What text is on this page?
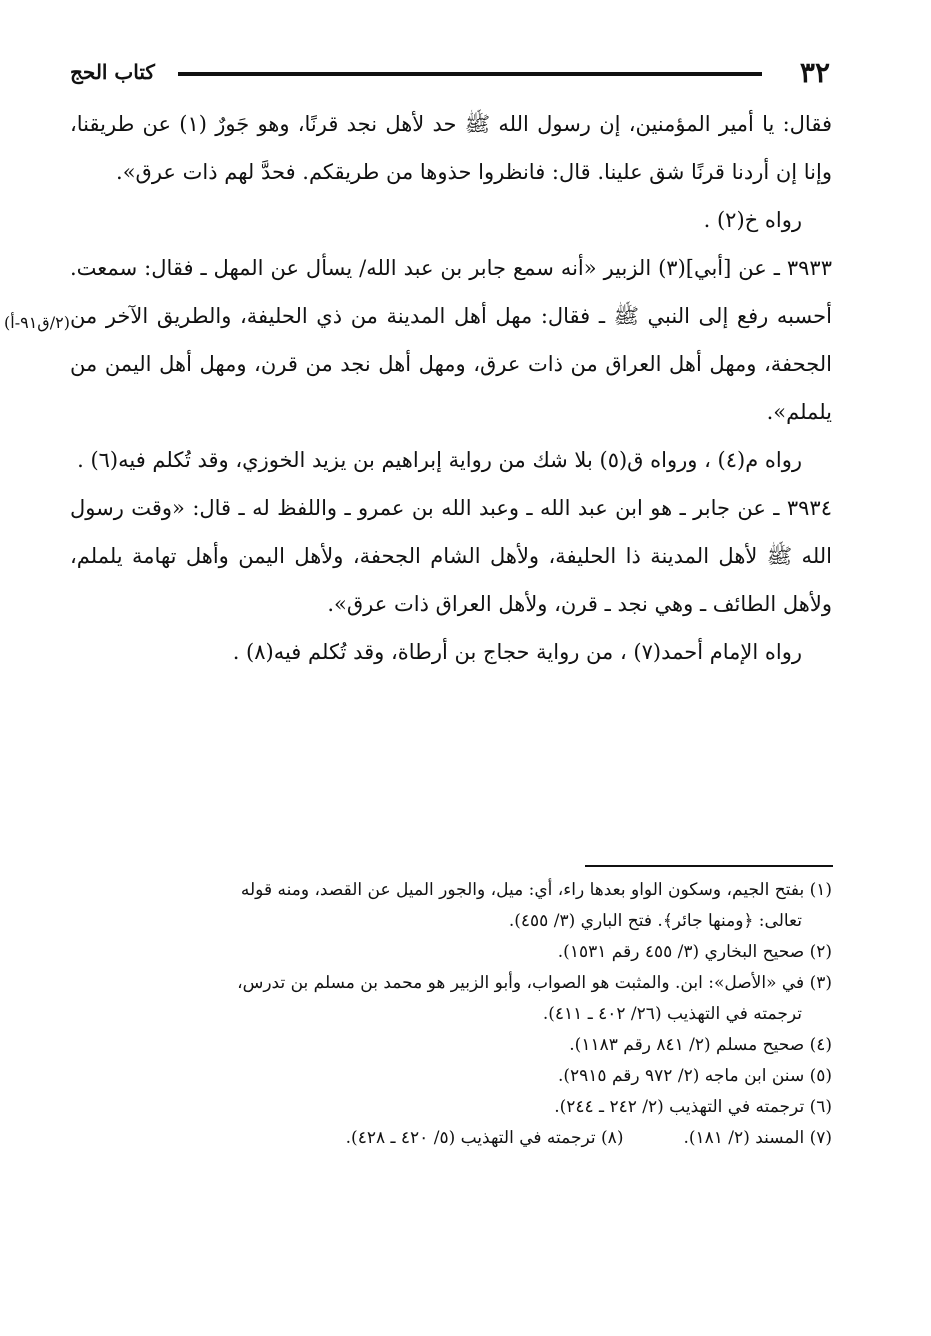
٣٢
كتاب الحج
(٢/ق٩١-أ)

فقال: يا أمير المؤمنين، إن رسول الله ﷺ حد لأهل نجد قرنًا، وهو جَورٌ (١) عن طريقنا، وإنا إن أردنا قرنًا شق علينا. قال: فانظروا حذوها من طريقكم. فحدَّ لهم ذات عرق».

رواه خ(٢) .

٣٩٣٣ ـ عن [أبي](٣) الزبير «أنه سمع جابر بن عبد الله/ يسأل عن المهل ـ فقال: سمعت. أحسبه رفع إلى النبي ﷺ ـ فقال: مهل أهل المدينة من ذي الحليفة، والطريق الآخر من الجحفة، ومهل أهل العراق من ذات عرق، ومهل أهل نجد من قرن، ومهل أهل اليمن من يلملم».

رواه م(٤) ، ورواه ق(٥) بلا شك من رواية إبراهيم بن يزيد الخوزي، وقد تُكلم فيه(٦) .

٣٩٣٤ ـ عن جابر ـ هو ابن عبد الله ـ وعبد الله بن عمرو ـ واللفظ له ـ قال: «وقت رسول الله ﷺ لأهل المدينة ذا الحليفة، ولأهل الشام الجحفة، ولأهل اليمن وأهل تهامة يلملم، ولأهل الطائف ـ وهي نجد ـ قرن، ولأهل العراق ذات عرق».

رواه الإمام أحمد(٧) ، من رواية حجاج بن أرطاة، وقد تُكلم فيه(٨) .

(١) بفتح الجيم، وسكون الواو بعدها راء، أي: ميل، والجور الميل عن القصد، ومنه قوله

تعالى: ﴿ومنها جائر﴾. فتح الباري (٣/ ٤٥٥).

(٢) صحيح البخاري (٣/ ٤٥٥ رقم ١٥٣١).

(٣) في «الأصل»: ابن. والمثبت هو الصواب، وأبو الزبير هو محمد بن مسلم بن تدرس،

ترجمته في التهذيب (٢٦/ ٤٠٢ ـ ٤١١).

(٤) صحيح مسلم (٢/ ٨٤١ رقم ١١٨٣).

(٥) سنن ابن ماجه (٢/ ٩٧٢ رقم ٢٩١٥).

(٦) ترجمته في التهذيب (٢/ ٢٤٢ ـ ٢٤٤).

(٧) المسند (٢/ ١٨١).
(٨) ترجمته في التهذيب (٥/ ٤٢٠ ـ ٤٢٨).
